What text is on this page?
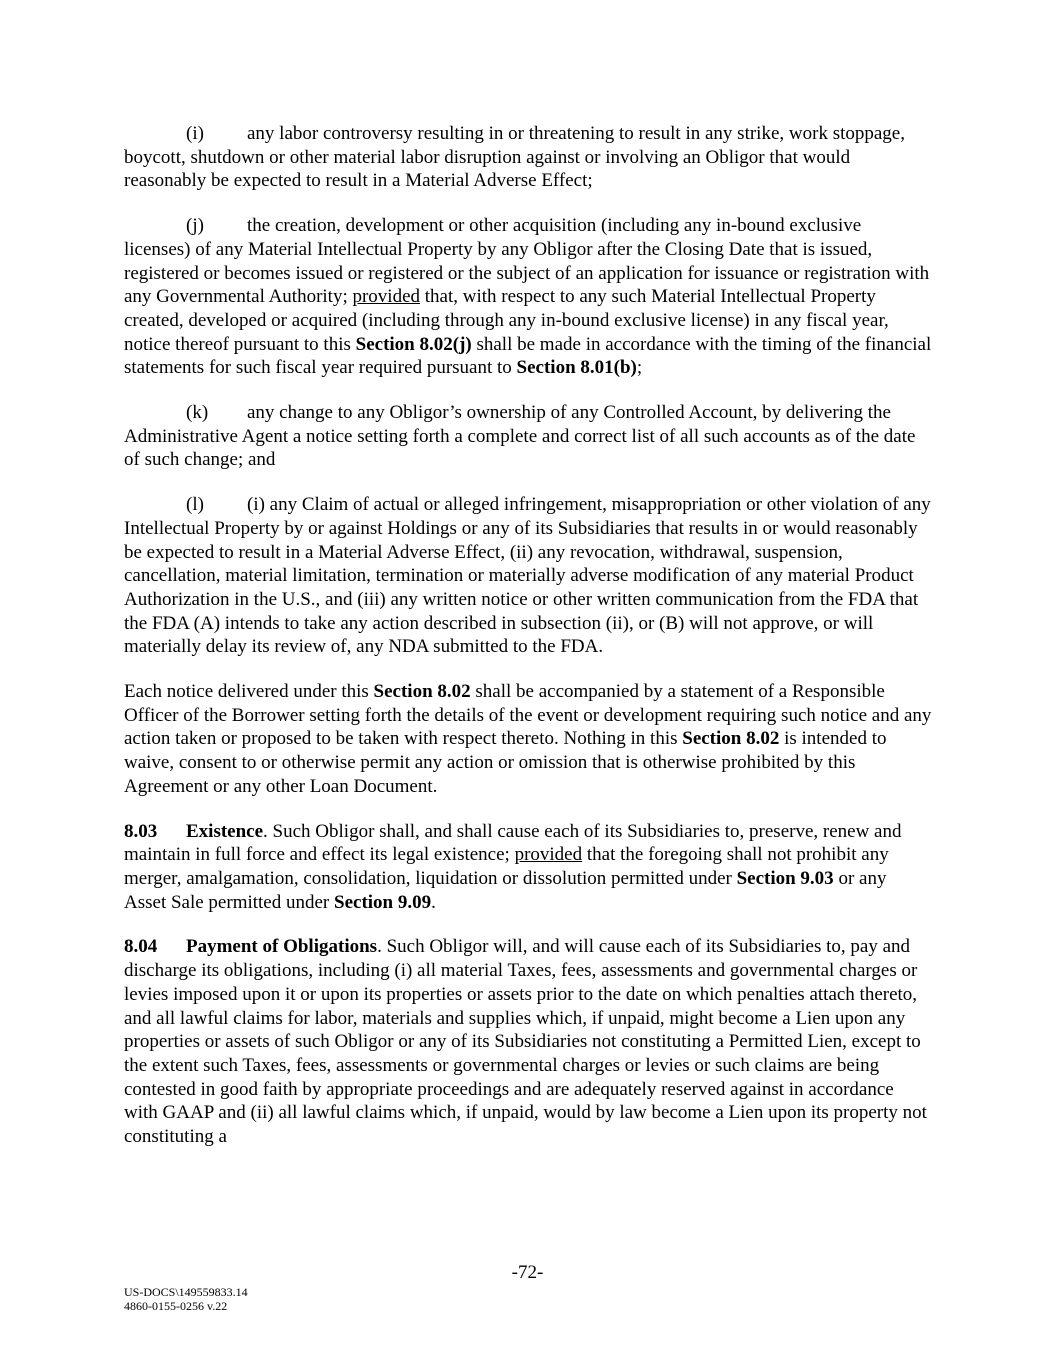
(i) any labor controversy resulting in or threatening to result in any strike, work stoppage, boycott, shutdown or other material labor disruption against or involving an Obligor that would reasonably be expected to result in a Material Adverse Effect;

(j) the creation, development or other acquisition (including any in-bound exclusive licenses) of any Material Intellectual Property by any Obligor after the Closing Date that is issued, registered or becomes issued or registered or the subject of an application for issuance or registration with any Governmental Authority; provided that, with respect to any such Material Intellectual Property created, developed or acquired (including through any in-bound exclusive license) in any fiscal year, notice thereof pursuant to this Section 8.02(j) shall be made in accordance with the timing of the financial statements for such fiscal year required pursuant to Section 8.01(b);

(k) any change to any Obligor’s ownership of any Controlled Account, by delivering the Administrative Agent a notice setting forth a complete and correct list of all such accounts as of the date of such change; and

(l) (i) any Claim of actual or alleged infringement, misappropriation or other violation of any Intellectual Property by or against Holdings or any of its Subsidiaries that results in or would reasonably be expected to result in a Material Adverse Effect, (ii) any revocation, withdrawal, suspension, cancellation, material limitation, termination or materially adverse modification of any material Product Authorization in the U.S., and (iii) any written notice or other written communication from the FDA that the FDA (A) intends to take any action described in subsection (ii), or (B) will not approve, or will materially delay its review of, any NDA submitted to the FDA.

Each notice delivered under this Section 8.02 shall be accompanied by a statement of a Responsible Officer of the Borrower setting forth the details of the event or development requiring such notice and any action taken or proposed to be taken with respect thereto. Nothing in this Section 8.02 is intended to waive, consent to or otherwise permit any action or omission that is otherwise prohibited by this Agreement or any other Loan Document.

8.03 Existence. Such Obligor shall, and shall cause each of its Subsidiaries to, preserve, renew and maintain in full force and effect its legal existence; provided that the foregoing shall not prohibit any merger, amalgamation, consolidation, liquidation or dissolution permitted under Section 9.03 or any Asset Sale permitted under Section 9.09.

8.04 Payment of Obligations. Such Obligor will, and will cause each of its Subsidiaries to, pay and discharge its obligations, including (i) all material Taxes, fees, assessments and governmental charges or levies imposed upon it or upon its properties or assets prior to the date on which penalties attach thereto, and all lawful claims for labor, materials and supplies which, if unpaid, might become a Lien upon any properties or assets of such Obligor or any of its Subsidiaries not constituting a Permitted Lien, except to the extent such Taxes, fees, assessments or governmental charges or levies or such claims are being contested in good faith by appropriate proceedings and are adequately reserved against in accordance with GAAP and (ii) all lawful claims which, if unpaid, would by law become a Lien upon its property not constituting a

-72-
US-DOCS\149559833.14
4860-0155-0256 v.22
